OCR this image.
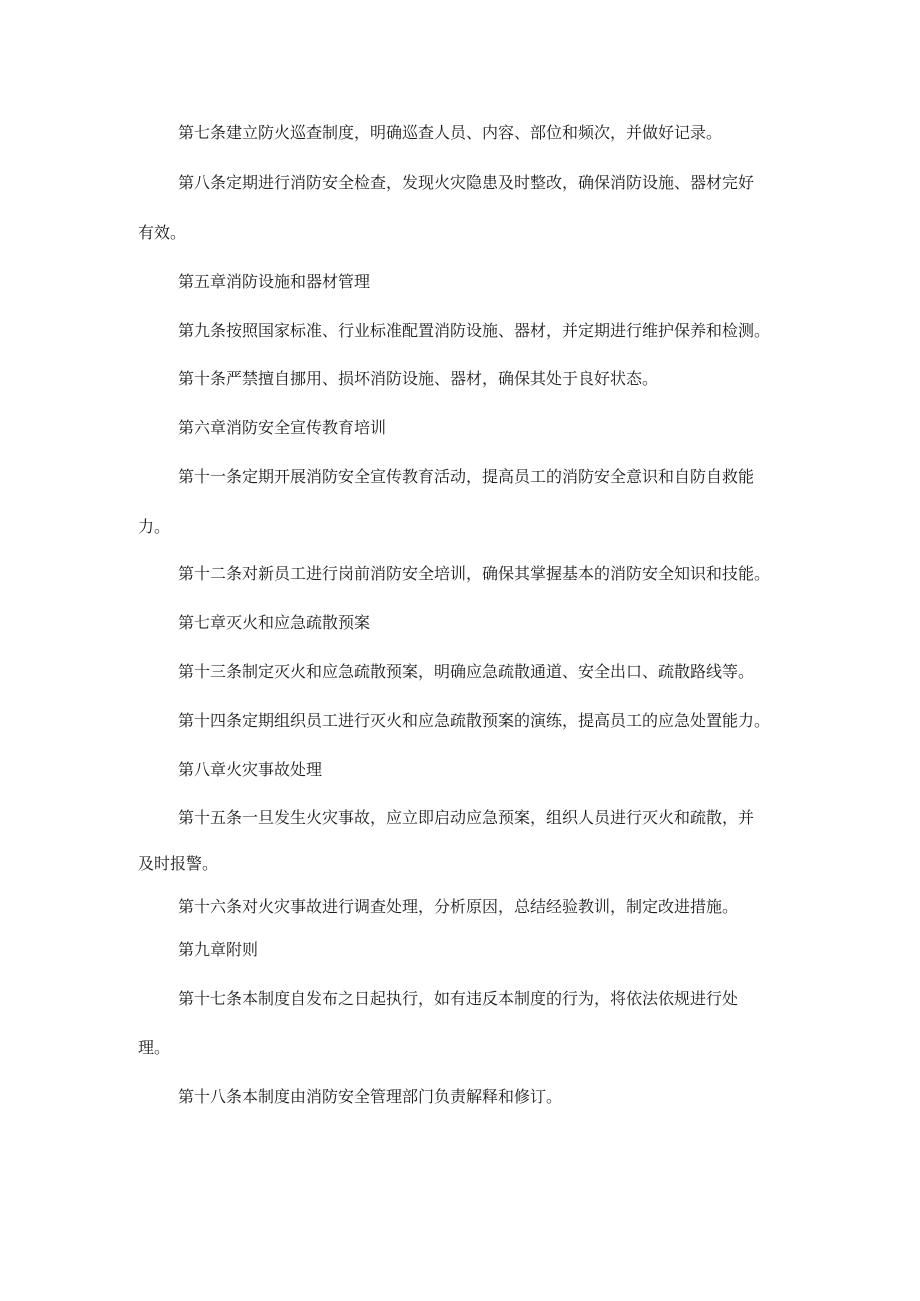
第七条建立防火巡查制度，明确巡查人员、内容、部位和频次，并做好记录。

第八条定期进行消防安全检查，发现火灾隐患及时整改，确保消防设施、器材完好

有效。

第五章消防设施和器材管理

第九条按照国家标准、行业标准配置消防设施、器材，并定期进行维护保养和检测。

第十条严禁擅自挪用、损坏消防设施、器材，确保其处于良好状态。

第六章消防安全宣传教育培训

第十一条定期开展消防安全宣传教育活动，提高员工的消防安全意识和自防自救能

力。

第十二条对新员工进行岗前消防安全培训，确保其掌握基本的消防安全知识和技能。

第七章灭火和应急疏散预案

第十三条制定灭火和应急疏散预案，明确应急疏散通道、安全出口、疏散路线等。

第十四条定期组织员工进行灭火和应急疏散预案的演练，提高员工的应急处置能力。

第八章火灾事故处理

第十五条一旦发生火灾事故，应立即启动应急预案，组织人员进行灭火和疏散，并

及时报警。

第十六条对火灾事故进行调查处理，分析原因，总结经验教训，制定改进措施。

第九章附则

第十七条本制度自发布之日起执行，如有违反本制度的行为，将依法依规进行处

理。

第十八条本制度由消防安全管理部门负责解释和修订。
